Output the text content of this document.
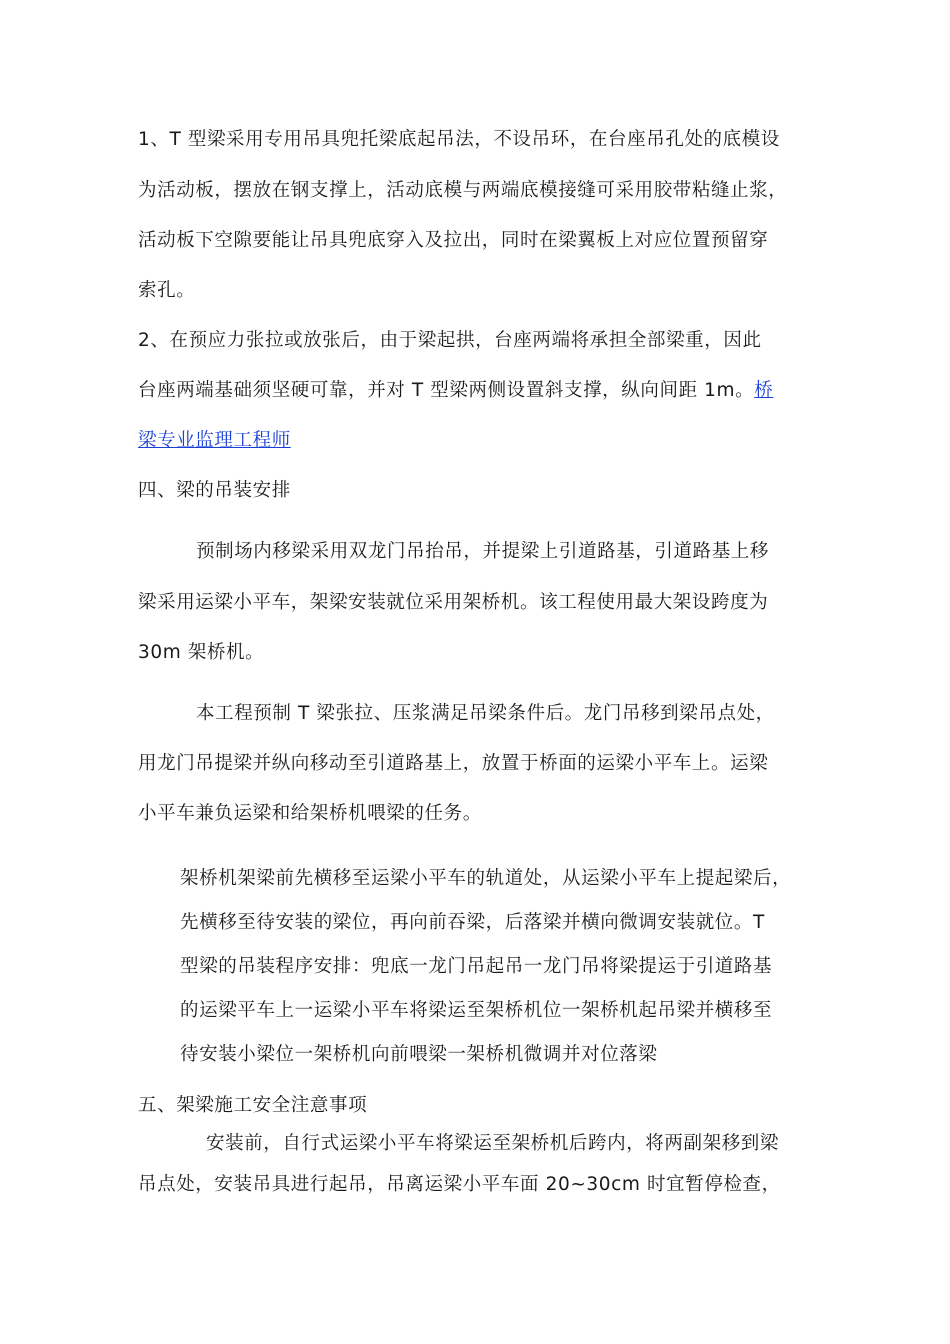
1、T 型梁采用专用吊具兜托梁底起吊法，不设吊环，在台座吊孔处的底模设
为活动板，摆放在钢支撑上，活动底模与两端底模接缝可采用胶带粘缝止浆，
活动板下空隙要能让吊具兜底穿入及拉出，同时在梁翼板上对应位置预留穿
索孔。
2、在预应力张拉或放张后，由于梁起拱，台座两端将承担全部梁重，因此
台座两端基础须坚硬可靠，并对 T 型梁两侧设置斜支撑，纵向间距 1m。桥
梁专业监理工程师
四、梁的吊装安排
预制场内移梁采用双龙门吊抬吊，并提梁上引道路基，引道路基上移
梁采用运梁小平车，架梁安装就位采用架桥机。该工程使用最大架设跨度为
30m 架桥机。
本工程预制 T 梁张拉、压浆满足吊梁条件后。龙门吊移到梁吊点处，
用龙门吊提梁并纵向移动至引道路基上，放置于桥面的运梁小平车上。运梁
小平车兼负运梁和给架桥机喂梁的任务。
架桥机架梁前先横移至运梁小平车的轨道处，从运梁小平车上提起梁后，
先横移至待安装的梁位，再向前吞梁，后落梁并横向微调安装就位。T
型梁的吊装程序安排：兜底一龙门吊起吊一龙门吊将梁提运于引道路基
的运梁平车上一运梁小平车将梁运至架桥机位一架桥机起吊梁并横移至
待安装小梁位一架桥机向前喂梁一架桥机微调并对位落梁
五、架梁施工安全注意事项
安装前，自行式运梁小平车将梁运至架桥机后跨内，将两副架移到梁
吊点处，安装吊具进行起吊，吊离运梁小平车面 20~30cm 时宜暂停检查，
